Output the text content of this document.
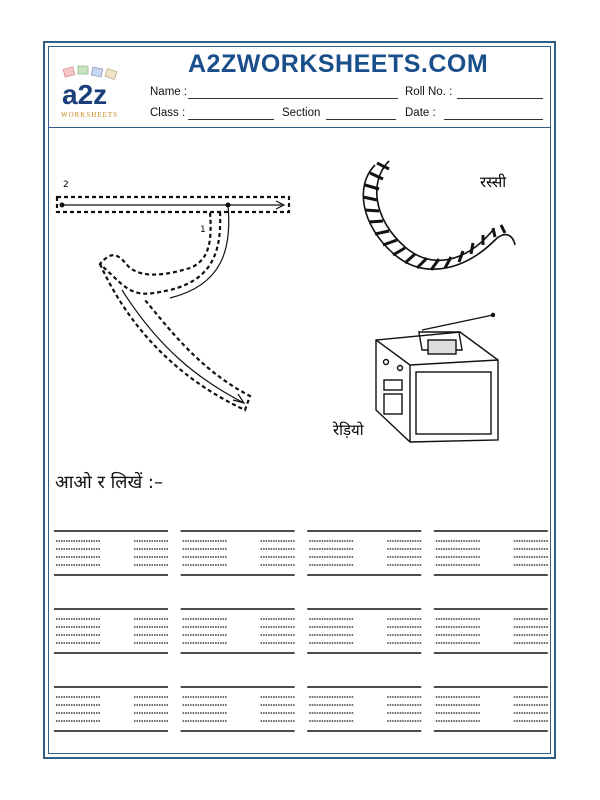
a2z
WORKSHEETS
A2ZWORKSHEETS.COM
Name :	Roll No. :
Class :	Section	Date :
2
1
रस्सी
रेड़ियो
आओ र लिखें :–
